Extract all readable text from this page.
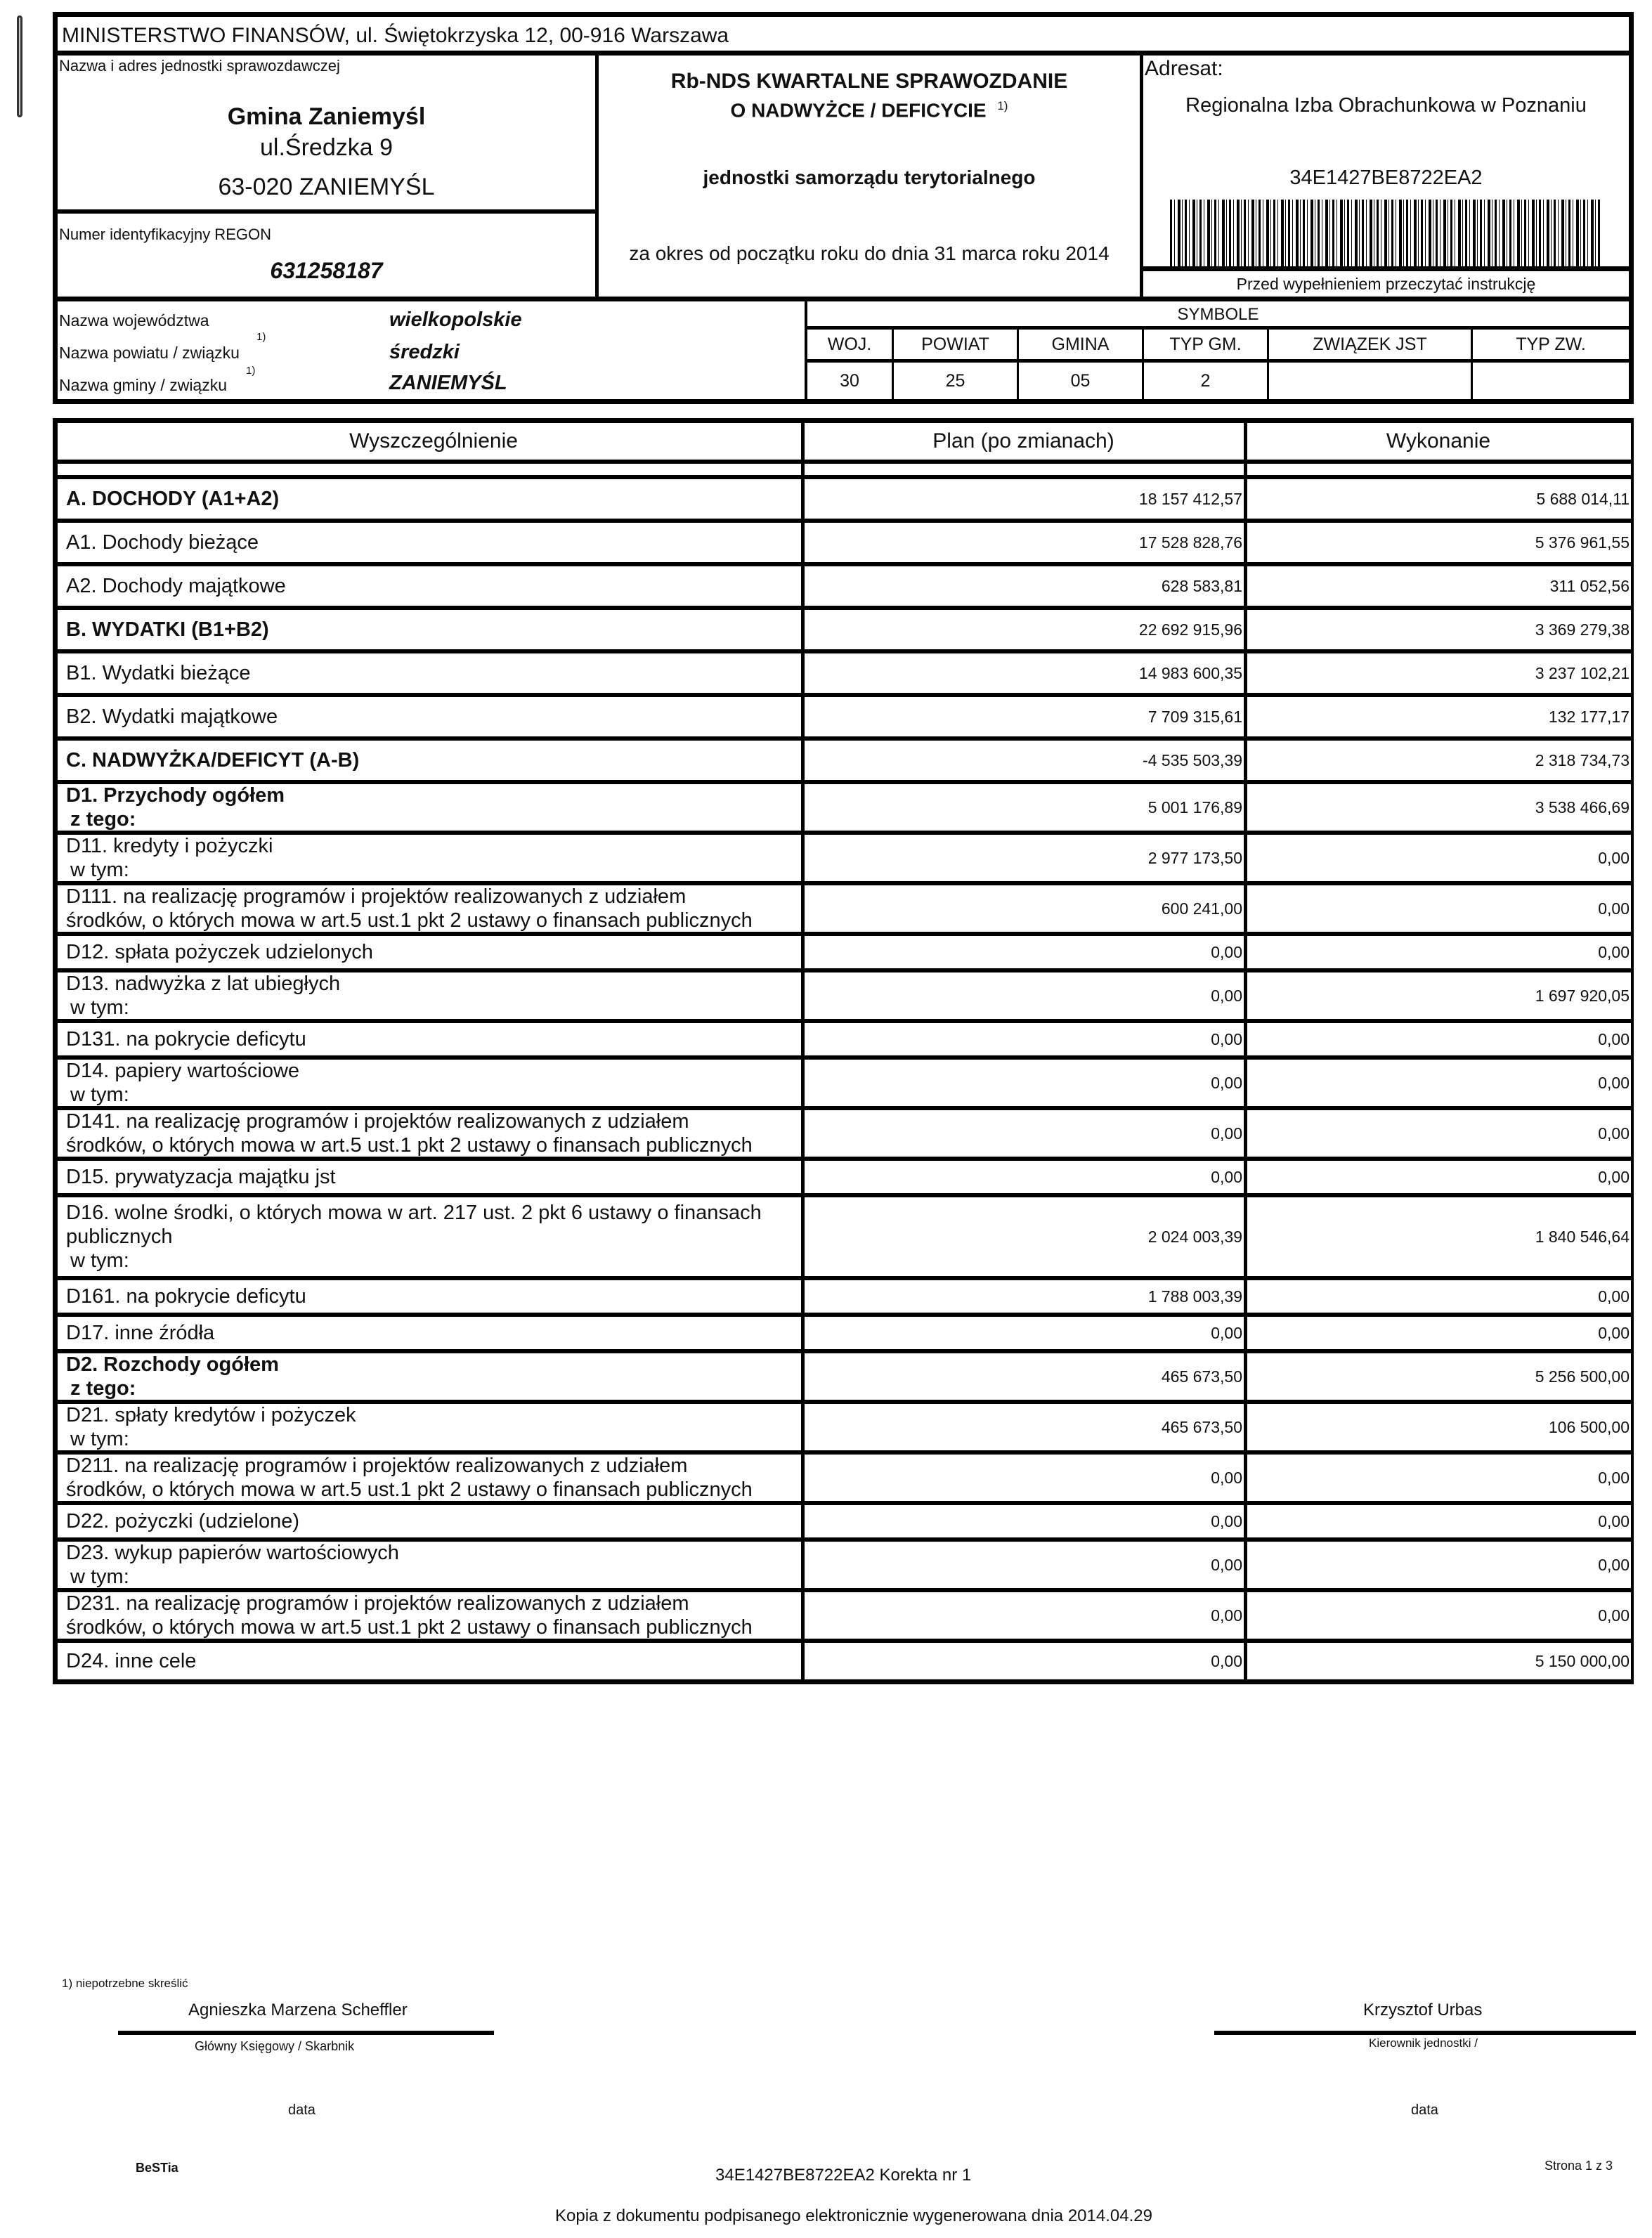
MINISTERSTWO FINANSÓW, ul. Świętokrzyska 12, 00-916 Warszawa
Nazwa i adres jednostki sprawozdawczej
Gmina Zaniemyśl
ul.Średzka 9
63-020 ZANIEMYŚL
Numer identyfikacyjny REGON
631258187
Rb-NDS KWARTALNE SPRAWOZDANIE
O NADWYŻCE / DEFICYCIE $^{1)}$
jednostki samorządu terytorialnego
za okres od początku roku do dnia 31 marca roku 2014
Adresat:
Regionalna Izba Obrachunkowa w Poznaniu
34E1427BE8722EA2
Przed wypełnieniem przeczytać instrukcję
Nazwa województwa	wielkopolskie
Nazwa powiatu / związku
1)
średzki
Nazwa gminy / związku
1)
ZANIEMYŚL
SYMBOLE
WOJ.	POWIAT	GMINA	TYP GM.	ZWIĄZEK JST	TYP ZW.
30	25	05	2
Wyszczególnienie	Plan (po zmianach)	Wykonanie
A. DOCHODY (A1+A2)	18 157 412,57	5 688 014,11
A1. Dochody bieżące	17 528 828,76	5 376 961,55
A2. Dochody majątkowe	628 583,81	311 052,56
B. WYDATKI (B1+B2)	22 692 915,96	3 369 279,38
B1. Wydatki bieżące	14 983 600,35	3 237 102,21
B2. Wydatki majątkowe	7 709 315,61	132 177,17
C. NADWYŻKA/DEFICYT (A-B)	-4 535 503,39	2 318 734,73
D1. Przychody ogółem
z tego:
5 001 176,89	3 538 466,69
D11. kredyty i pożyczki
w tym:
2 977 173,50	0,00
D111. na realizację programów i projektów realizowanych z udziałem
środków, o których mowa w art.5 ust.1 pkt 2 ustawy o finansach publicznych
600 241,00	0,00
D12. spłata pożyczek udzielonych	0,00	0,00
D13. nadwyżka z lat ubiegłych
w tym:
0,00	1 697 920,05
D131. na pokrycie deficytu	0,00	0,00
D14. papiery wartościowe
w tym:
0,00	0,00
D141. na realizację programów i projektów realizowanych z udziałem
środków, o których mowa w art.5 ust.1 pkt 2 ustawy o finansach publicznych
0,00	0,00
D15. prywatyzacja majątku jst	0,00	0,00
D16. wolne środki, o których mowa w art. 217 ust. 2 pkt 6 ustawy o finansach
publicznych
w tym:
2 024 003,39	1 840 546,64
D161. na pokrycie deficytu	1 788 003,39	0,00
D17. inne źródła	0,00	0,00
D2. Rozchody ogółem
z tego:
465 673,50	5 256 500,00
D21. spłaty kredytów i pożyczek
w tym:
465 673,50	106 500,00
D211. na realizację programów i projektów realizowanych z udziałem
środków, o których mowa w art.5 ust.1 pkt 2 ustawy o finansach publicznych
0,00	0,00
D22. pożyczki (udzielone)	0,00	0,00
D23. wykup papierów wartościowych
w tym:
0,00	0,00
D231. na realizację programów i projektów realizowanych z udziałem
środków, o których mowa w art.5 ust.1 pkt 2 ustawy o finansach publicznych
0,00	0,00
D24. inne cele	0,00	5 150 000,00
1) niepotrzebne skreślić
Agnieszka Marzena Scheffler
Główny Księgowy / Skarbnik
Krzysztof Urbas
Kierownik jednostki /
data	data
BeSTia	34E1427BE8722EA2 Korekta nr 1	Strona 1 z 3
Kopia z dokumentu podpisanego elektronicznie wygenerowana dnia 2014.04.29
